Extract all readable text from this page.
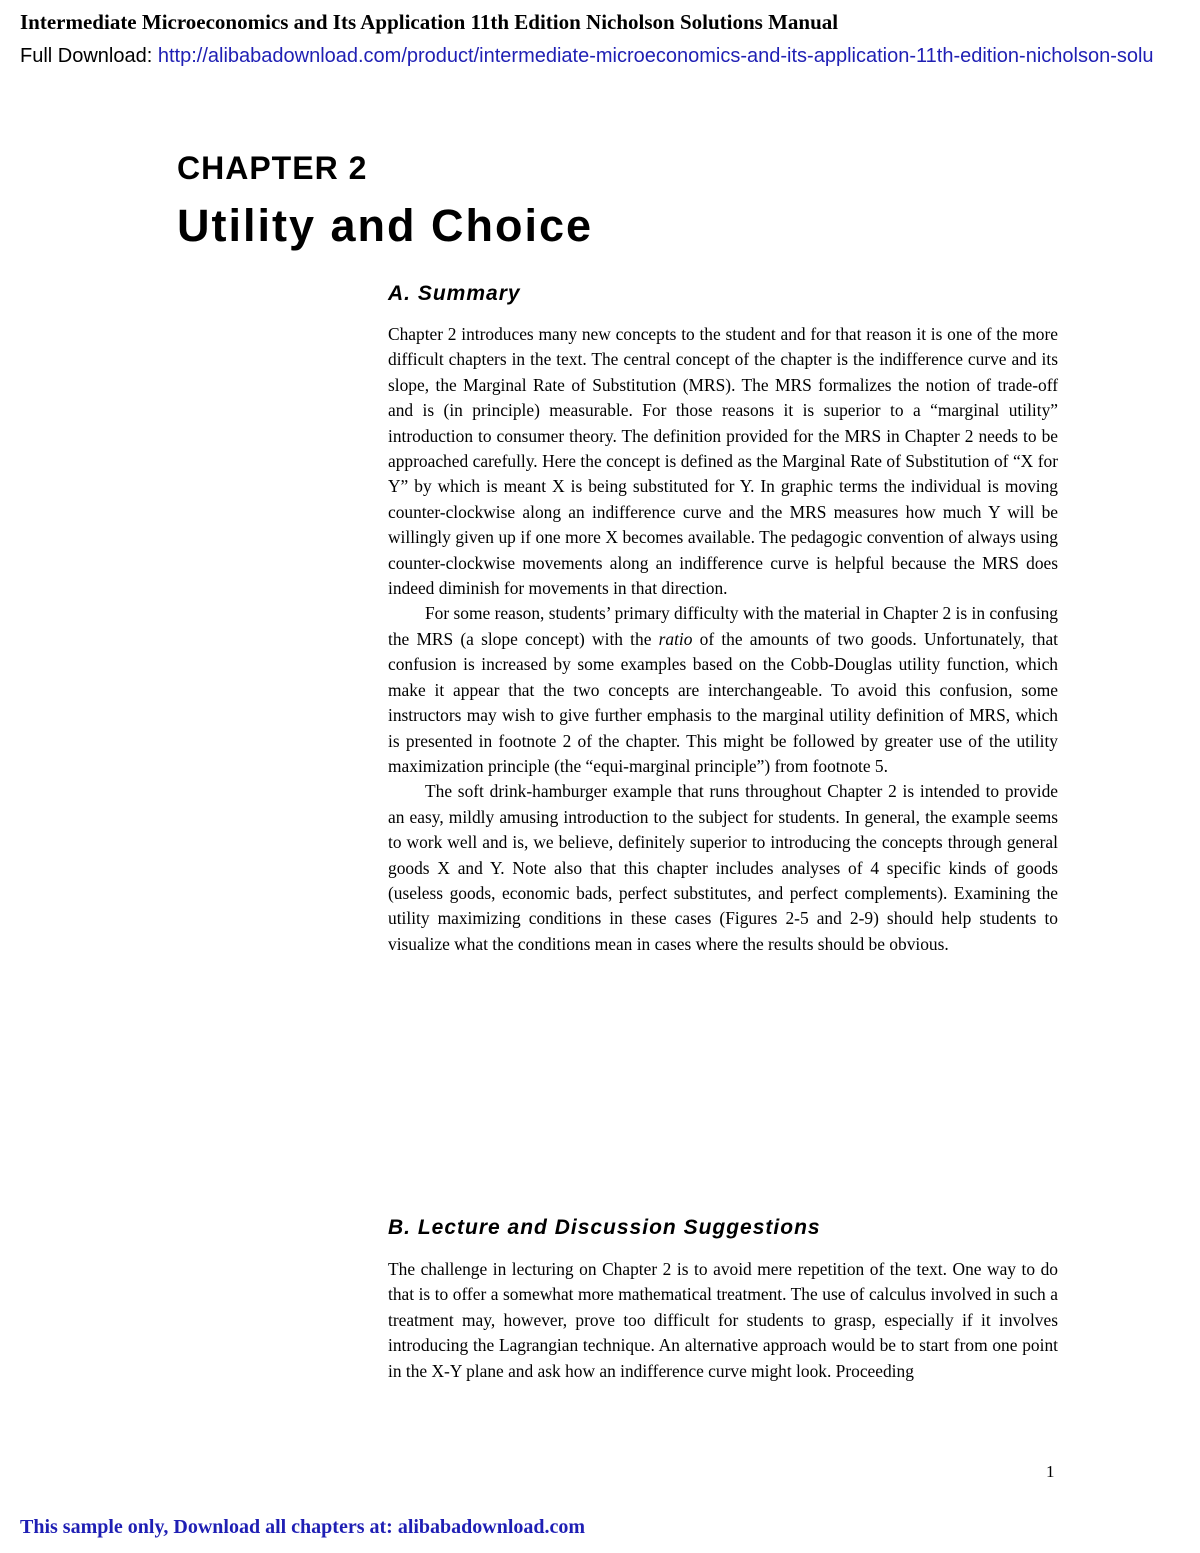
Intermediate Microeconomics and Its Application 11th Edition Nicholson Solutions Manual
Full Download: http://alibabadownload.com/product/intermediate-microeconomics-and-its-application-11th-edition-nicholson-solu
CHAPTER 2
Utility and Choice
A. Summary

Chapter 2 introduces many new concepts to the student and for that reason it is one of the more difficult chapters in the text. The central concept of the chapter is the indifference curve and its slope, the Marginal Rate of Substitution (MRS). The MRS formalizes the notion of trade-off and is (in principle) measurable. For those reasons it is superior to a “marginal utility” introduction to consumer theory. The definition provided for the MRS in Chapter 2 needs to be approached carefully. Here the concept is defined as the Marginal Rate of Substitution of “X for Y” by which is meant X is being substituted for Y. In graphic terms the individual is moving counter-clockwise along an indifference curve and the MRS measures how much Y will be willingly given up if one more X becomes available. The pedagogic convention of always using counter-clockwise movements along an indifference curve is helpful because the MRS does indeed diminish for movements in that direction.

For some reason, students’ primary difficulty with the material in Chapter 2 is in confusing the MRS (a slope concept) with the ratio of the amounts of two goods. Unfortunately, that confusion is increased by some examples based on the Cobb-Douglas utility function, which make it appear that the two concepts are interchangeable. To avoid this confusion, some instructors may wish to give further emphasis to the marginal utility definition of MRS, which is presented in footnote 2 of the chapter. This might be followed by greater use of the utility maximization principle (the “equi-marginal principle”) from footnote 5.

The soft drink-hamburger example that runs throughout Chapter 2 is intended to provide an easy, mildly amusing introduction to the subject for students. In general, the example seems to work well and is, we believe, definitely superior to introducing the concepts through general goods X and Y. Note also that this chapter includes analyses of 4 specific kinds of goods (useless goods, economic bads, perfect substitutes, and perfect complements). Examining the utility maximizing conditions in these cases (Figures 2-5 and 2-9) should help students to visualize what the conditions mean in cases where the results should be obvious.

B. Lecture and Discussion Suggestions

The challenge in lecturing on Chapter 2 is to avoid mere repetition of the text. One way to do that is to offer a somewhat more mathematical treatment. The use of calculus involved in such a treatment may, however, prove too difficult for students to grasp, especially if it involves introducing the Lagrangian technique. An alternative approach would be to start from one point in the X-Y plane and ask how an indifference curve might look. Proceeding

1
This sample only, Download all chapters at: alibabadownload.com
